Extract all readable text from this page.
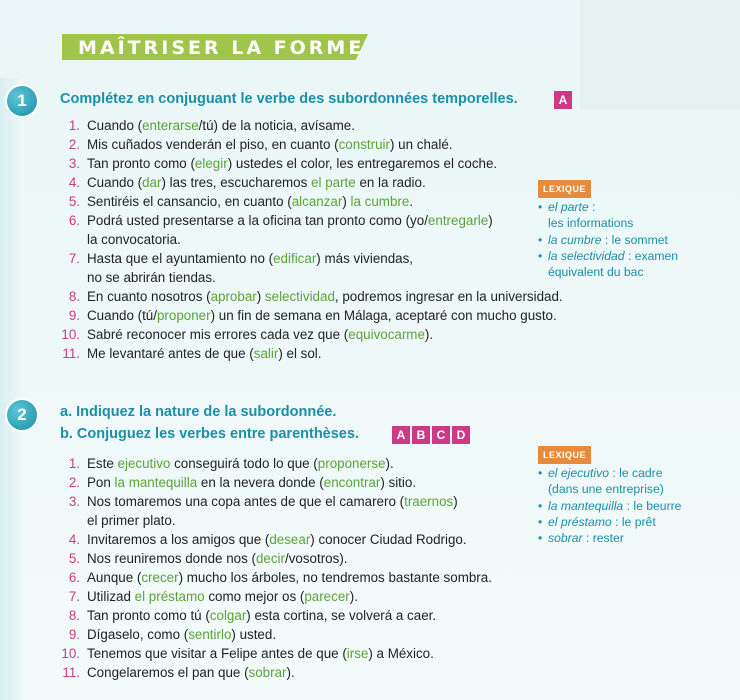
MAÎTRISER LA FORME
1	Complétez en conjuguant le verbe des subordonnées temporelles.	A
1. Cuando (enterarse/tú) de la noticia, avísame.
2. Mis cuñados venderán el piso, en cuanto (construir) un chalé.
3. Tan pronto como (elegir) ustedes el color, les entregaremos el coche.
4. Cuando (dar) las tres, escucharemos el parte en la radio.
5. Sentiréis el cansancio, en cuanto (alcanzar) la cumbre.
6. Podrá usted presentarse a la oficina tan pronto como (yo/entregarle)
la convocatoria.
7. Hasta que el ayuntamiento no (edificar) más viviendas,
no se abrirán tiendas.
8. En cuanto nosotros (aprobar) selectividad, podremos ingresar en la universidad.
9. Cuando (tú/proponer) un fin de semana en Málaga, aceptaré con mucho gusto.
10. Sabré reconocer mis errores cada vez que (equivocarme).
11. Me levantaré antes de que (salir) el sol.
LEXIQUE
• el parte :
les informations
• la cumbre : le sommet
• la selectividad : examen
équivalent du bac
2	a. Indiquez la nature de la subordonnée.
b. Conjuguez les verbes entre parenthèses.	A B C D
1. Este ejecutivo conseguirá todo lo que (proponerse).
2. Pon la mantequilla en la nevera donde (encontrar) sitio.
3. Nos tomaremos una copa antes de que el camarero (traernos)
el primer plato.
4. Invitaremos a los amigos que (desear) conocer Ciudad Rodrigo.
5. Nos reuniremos donde nos (decir/vosotros).
6. Aunque (crecer) mucho los árboles, no tendremos bastante sombra.
7. Utilizad el préstamo como mejor os (parecer).
8. Tan pronto como tú (colgar) esta cortina, se volverá a caer.
9. Dígaselo, como (sentirlo) usted.
10. Tenemos que visitar a Felipe antes de que (irse) a México.
11. Congelaremos el pan que (sobrar).
LEXIQUE
• el ejecutivo : le cadre
(dans une entreprise)
• la mantequilla : le beurre
• el préstamo : le prêt
• sobrar : rester
